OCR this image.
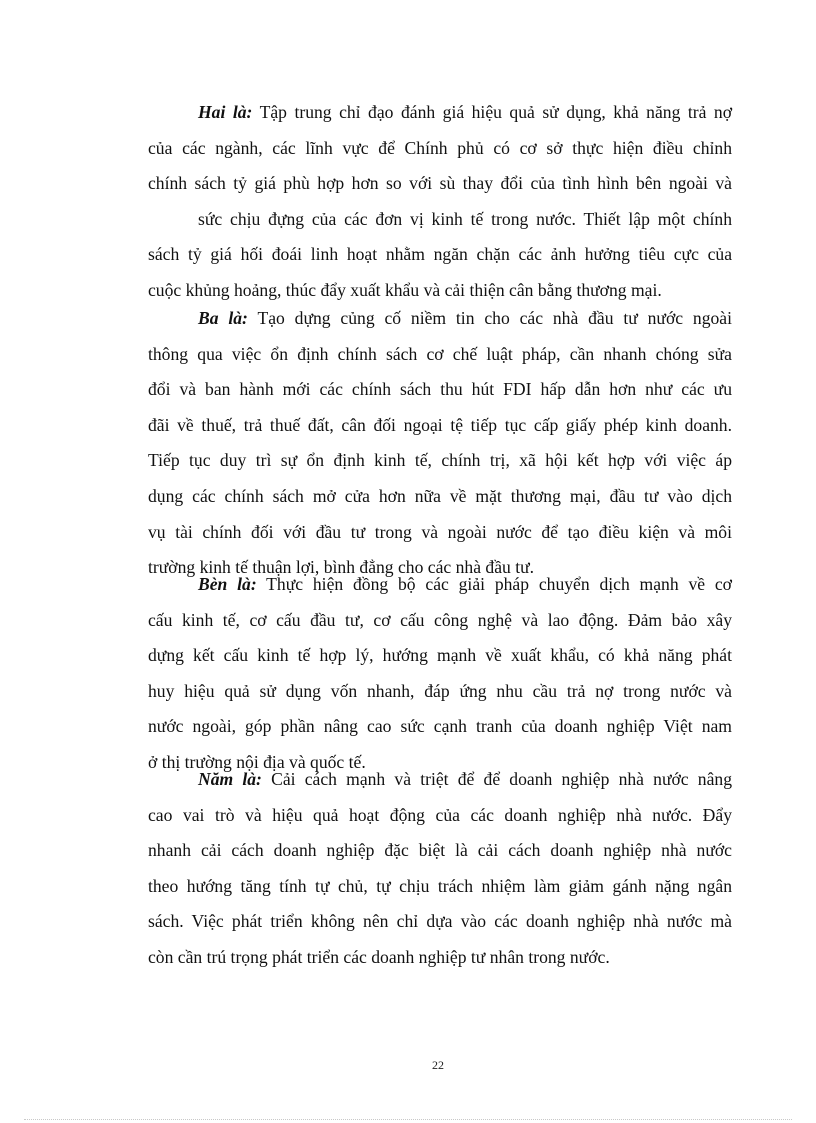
Hai là: Tập trung chỉ đạo đánh giá hiệu quả sử dụng, khả năng trả nợ
của các ngành, các lĩnh vực để Chính phủ có cơ sở thực hiện điều chỉnh
chính sách tỷ giá phù hợp hơn so với sù thay đổi của tình hình bên ngoài và
sức chịu đựng của các đơn vị kinh tế trong nước. Thiết lập một chính
sách tỷ giá hối đoái linh hoạt nhằm ngăn chặn các ảnh hưởng tiêu cực của
cuộc khủng hoảng, thúc đẩy xuất khẩu và cải thiện cân bằng thương mại.
Ba là: Tạo dựng củng cố niềm tin cho các nhà đầu tư nước ngoài
thông qua việc ổn định chính sách cơ chế luật pháp, cần nhanh chóng sửa
đổi và ban hành mới các chính sách thu hút FDI hấp dẫn hơn như các ưu
đãi về thuế, trả thuế đất, cân đối ngoại tệ tiếp tục cấp giấy phép kinh doanh.
Tiếp tục duy trì sự ổn định kinh tế, chính trị, xã hội kết hợp với việc áp
dụng các chính sách mở cửa hơn nữa về mặt thương mại, đầu tư vào dịch
vụ tài chính đối với đầu tư trong và ngoài nước để tạo điều kiện và môi
trường kinh tế thuận lợi, bình đẳng cho các nhà đầu tư.
Bèn là: Thực hiện đồng bộ các giải pháp chuyển dịch mạnh về cơ
cấu kinh tế, cơ cấu đầu tư, cơ cấu công nghệ và lao động. Đảm bảo xây
dựng kết cấu kinh tế hợp lý, hướng mạnh về xuất khẩu, có khả năng phát
huy hiệu quả sử dụng vốn nhanh, đáp ứng nhu cầu trả nợ trong nước và
nước ngoài, góp phần nâng cao sức cạnh tranh của doanh nghiệp Việt nam
ở thị trường nội địa và quốc tế.
Năm là: Cải cách mạnh và triệt để để doanh nghiệp nhà nước nâng
cao vai trò và hiệu quả hoạt động của các doanh nghiệp nhà nước. Đẩy
nhanh cải cách doanh nghiệp đặc biệt là cải cách doanh nghiệp nhà nước
theo hướng tăng tính tự chủ, tự chịu trách nhiệm làm giảm gánh nặng ngân
sách. Việc phát triển không nên chỉ dựa vào các doanh nghiệp nhà nước mà
còn cần trú trọng phát triển các doanh nghiệp tư nhân trong nước.
22
